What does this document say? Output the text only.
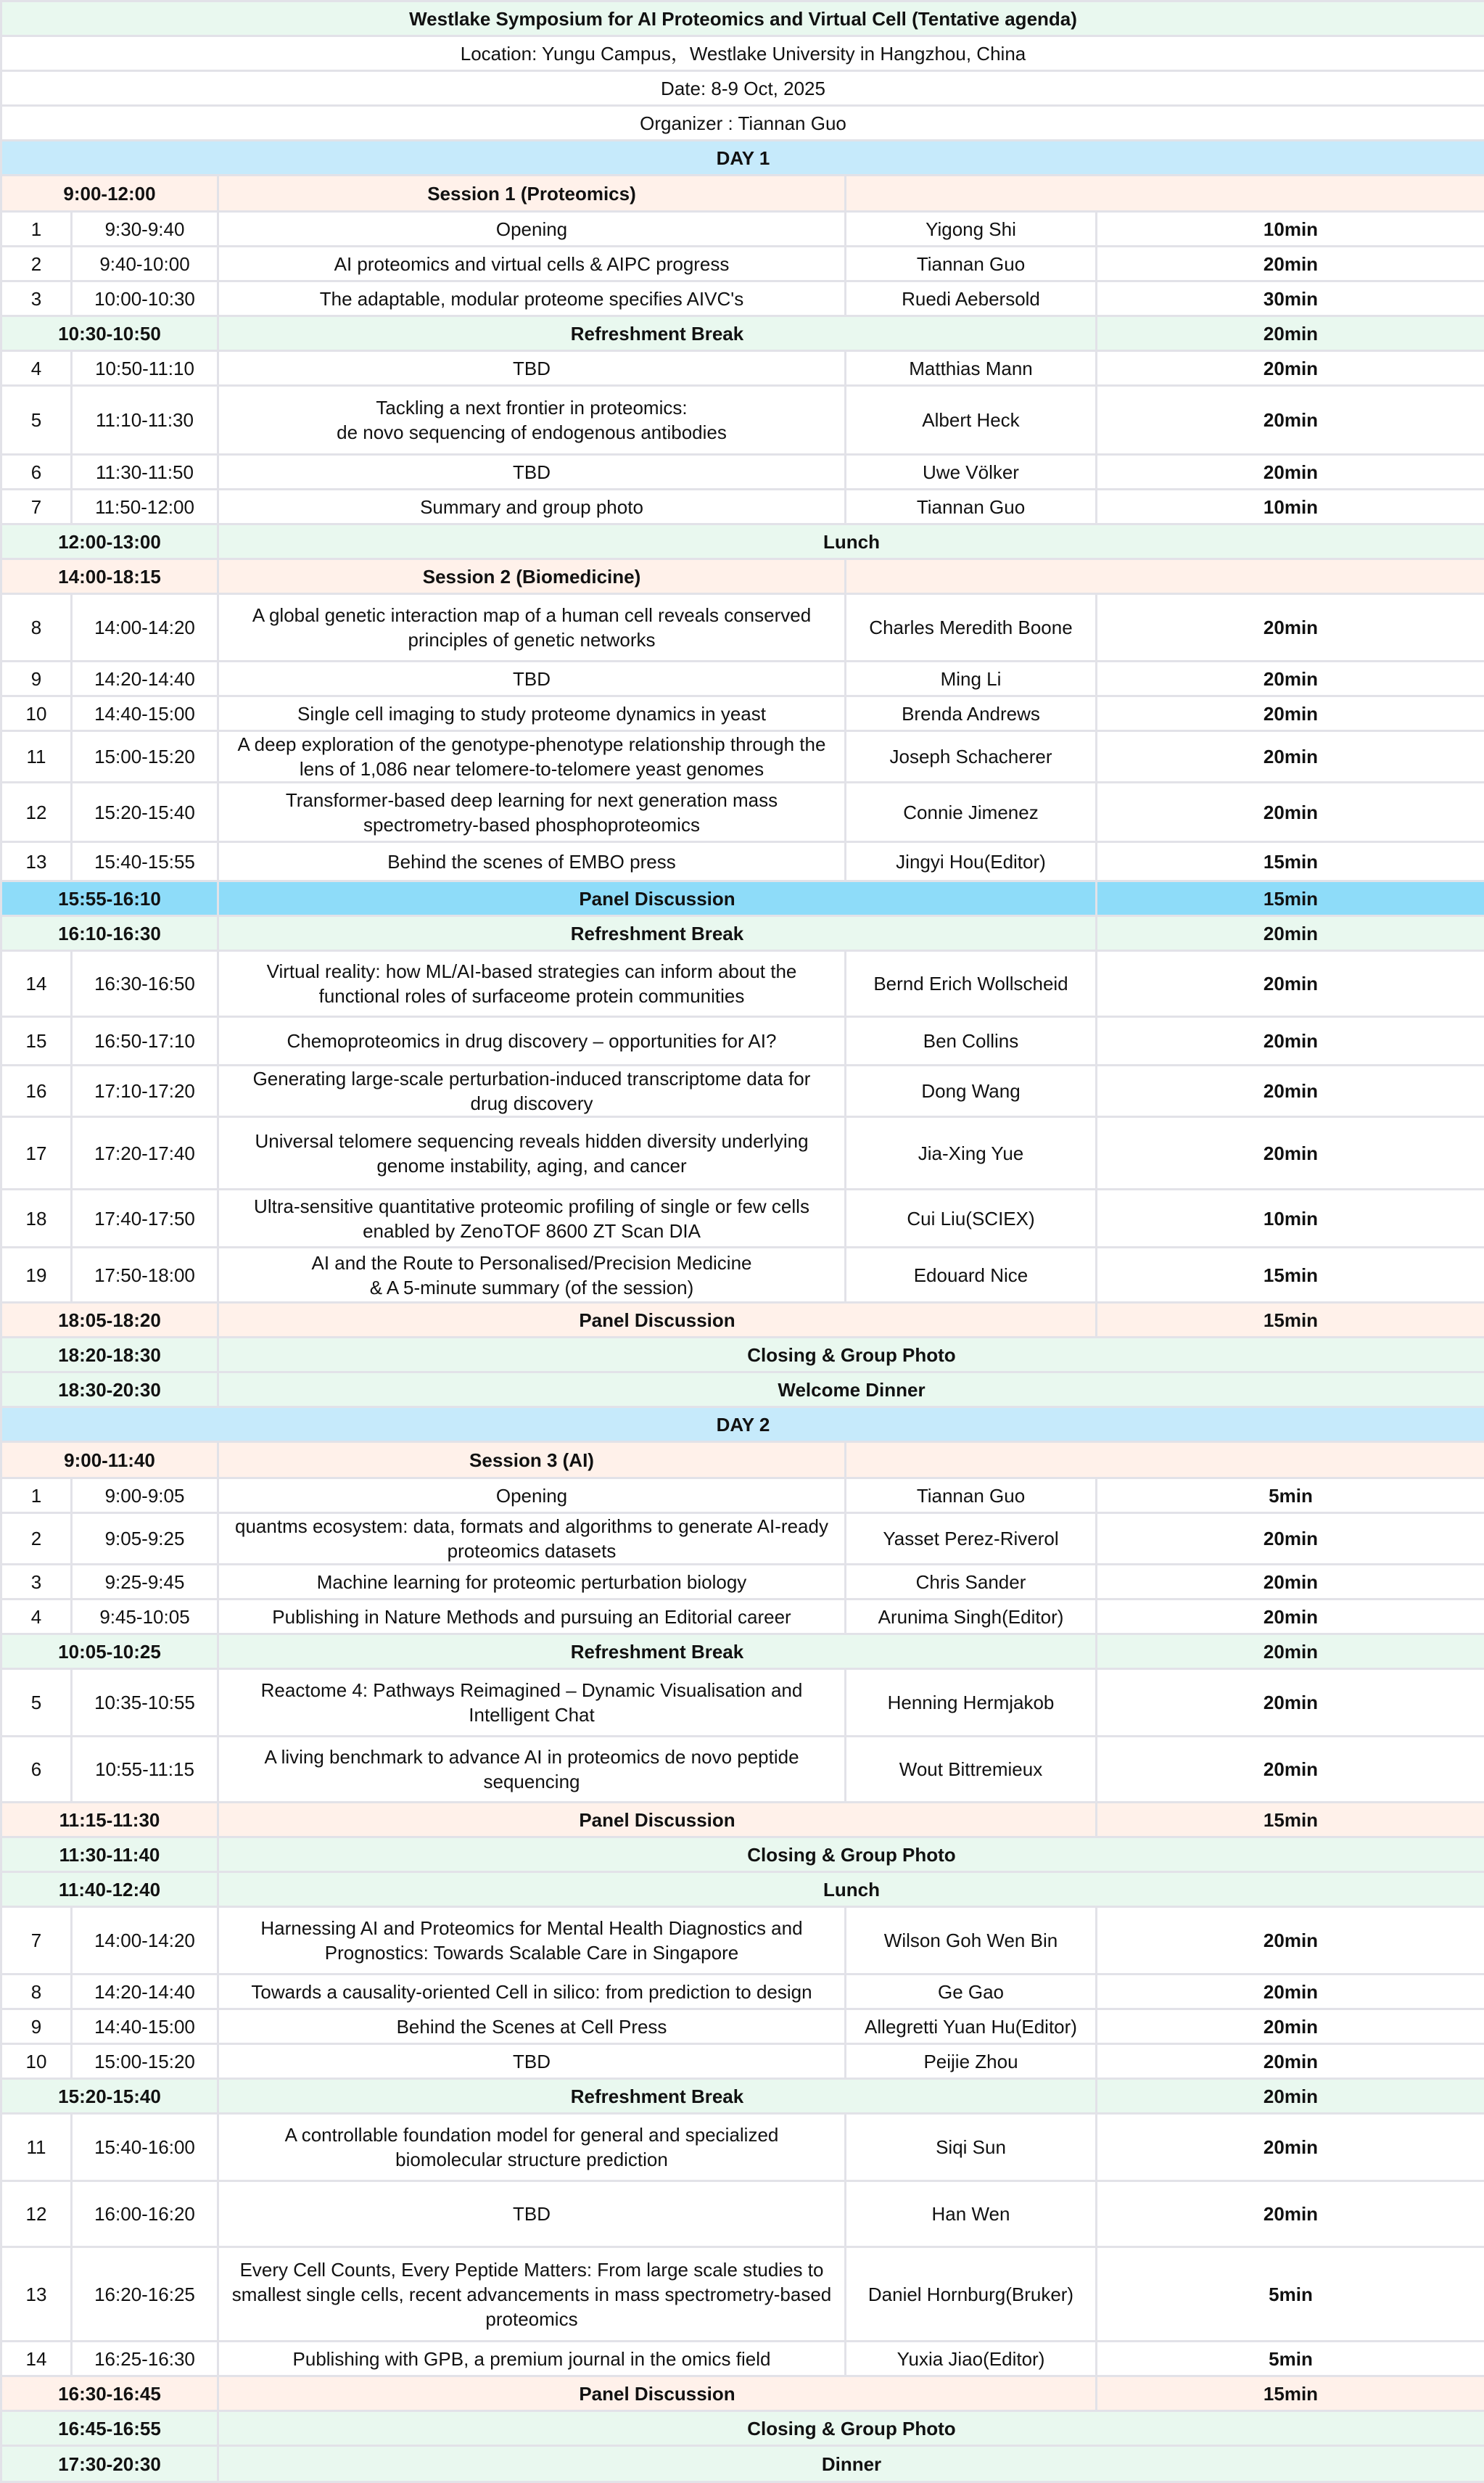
Westlake Symposium for AI Proteomics and Virtual Cell (Tentative agenda)				
Location: Yungu Campus，Westlake University in Hangzhou, China				
Date: 8-9 Oct, 2025				
Organizer : Tiannan Guo				
DAY 1				
9:00-12:00		Session 1 (Proteomics)		
1	9:30-9:40	Opening	Yigong Shi	10min
2	9:40-10:00	AI proteomics and virtual cells & AIPC progress	Tiannan Guo	20min
3	10:00-10:30	The adaptable, modular proteome specifies AIVC's	Ruedi Aebersold	30min
10:30-10:50		Refreshment Break		20min
4	10:50-11:10	TBD	Matthias Mann	20min
5	11:10-11:30	Tackling a next frontier in proteomics:
de novo sequencing of endogenous antibodies	Albert Heck	20min
6	11:30-11:50	TBD	Uwe Völker	20min
7	11:50-12:00	Summary and group photo	Tiannan Guo	10min
12:00-13:00		Lunch		
14:00-18:15		Session 2 (Biomedicine)		
8	14:00-14:20	A global genetic interaction map of a human cell reveals conserved
principles of genetic networks	Charles Meredith Boone	20min
9	14:20-14:40	TBD	Ming Li	20min
10	14:40-15:00	Single cell imaging to study proteome dynamics in yeast	Brenda Andrews	20min
11	15:00-15:20	A deep exploration of the genotype-phenotype relationship through the
lens of 1,086 near telomere-to-telomere yeast genomes	Joseph Schacherer	20min
12	15:20-15:40	Transformer-based deep learning for next generation mass
spectrometry-based phosphoproteomics	Connie Jimenez	20min
13	15:40-15:55	Behind the scenes of EMBO press	Jingyi Hou(Editor)	15min
15:55-16:10		Panel Discussion		15min
16:10-16:30		Refreshment Break		20min
14	16:30-16:50	Virtual reality: how ML/AI-based strategies can inform about the
functional roles of surfaceome protein communities	Bernd Erich Wollscheid	20min
15	16:50-17:10	Chemoproteomics in drug discovery – opportunities for AI?	Ben Collins	20min
16	17:10-17:20	Generating large-scale perturbation-induced transcriptome data for
drug discovery	Dong Wang	20min
17	17:20-17:40	Universal telomere sequencing reveals hidden diversity underlying
genome instability, aging, and cancer	Jia-Xing Yue	20min
18	17:40-17:50	Ultra-sensitive quantitative proteomic profiling of single or few cells
enabled by ZenoTOF 8600 ZT Scan DIA	Cui Liu(SCIEX)	10min
19	17:50-18:00	AI and the Route to Personalised/Precision Medicine
& A 5-minute summary (of the session)	Edouard Nice	15min
18:05-18:20		Panel Discussion		15min
18:20-18:30		Closing & Group Photo		
18:30-20:30		Welcome Dinner		
DAY 2				
9:00-11:40		Session 3 (AI)		
1	9:00-9:05	Opening	Tiannan Guo	5min
2	9:05-9:25	quantms ecosystem: data, formats and algorithms to generate AI-ready
proteomics datasets	Yasset Perez-Riverol	20min
3	9:25-9:45	Machine learning for proteomic perturbation biology	Chris Sander	20min
4	9:45-10:05	Publishing in Nature Methods and pursuing an Editorial career	Arunima Singh(Editor)	20min
10:05-10:25		Refreshment Break		20min
5	10:35-10:55	Reactome 4: Pathways Reimagined – Dynamic Visualisation and
Intelligent Chat	Henning Hermjakob	20min
6	10:55-11:15	A living benchmark to advance AI in proteomics de novo peptide
sequencing	Wout Bittremieux	20min
11:15-11:30		Panel Discussion		15min
11:30-11:40		Closing & Group Photo		
11:40-12:40		Lunch		
7	14:00-14:20	Harnessing AI and Proteomics for Mental Health Diagnostics and
Prognostics: Towards Scalable Care in Singapore	Wilson Goh Wen Bin	20min
8	14:20-14:40	Towards a causality-oriented Cell in silico: from prediction to design	Ge Gao	20min
9	14:40-15:00	Behind the Scenes at Cell Press	Allegretti Yuan Hu(Editor)	20min
10	15:00-15:20	TBD	Peijie Zhou	20min
15:20-15:40		Refreshment Break		20min
11	15:40-16:00	A controllable foundation model for general and specialized
biomolecular structure prediction	Siqi Sun	20min
12	16:00-16:20	TBD	Han Wen	20min
13	16:20-16:25	Every Cell Counts, Every Peptide Matters: From large scale studies to
smallest single cells, recent advancements in mass spectrometry-based
proteomics	Daniel Hornburg(Bruker)	5min
14	16:25-16:30	Publishing with GPB, a premium journal in the omics field	Yuxia Jiao(Editor)	5min
16:30-16:45		Panel Discussion		15min
16:45-16:55		Closing & Group Photo		
17:30-20:30		Dinner		
